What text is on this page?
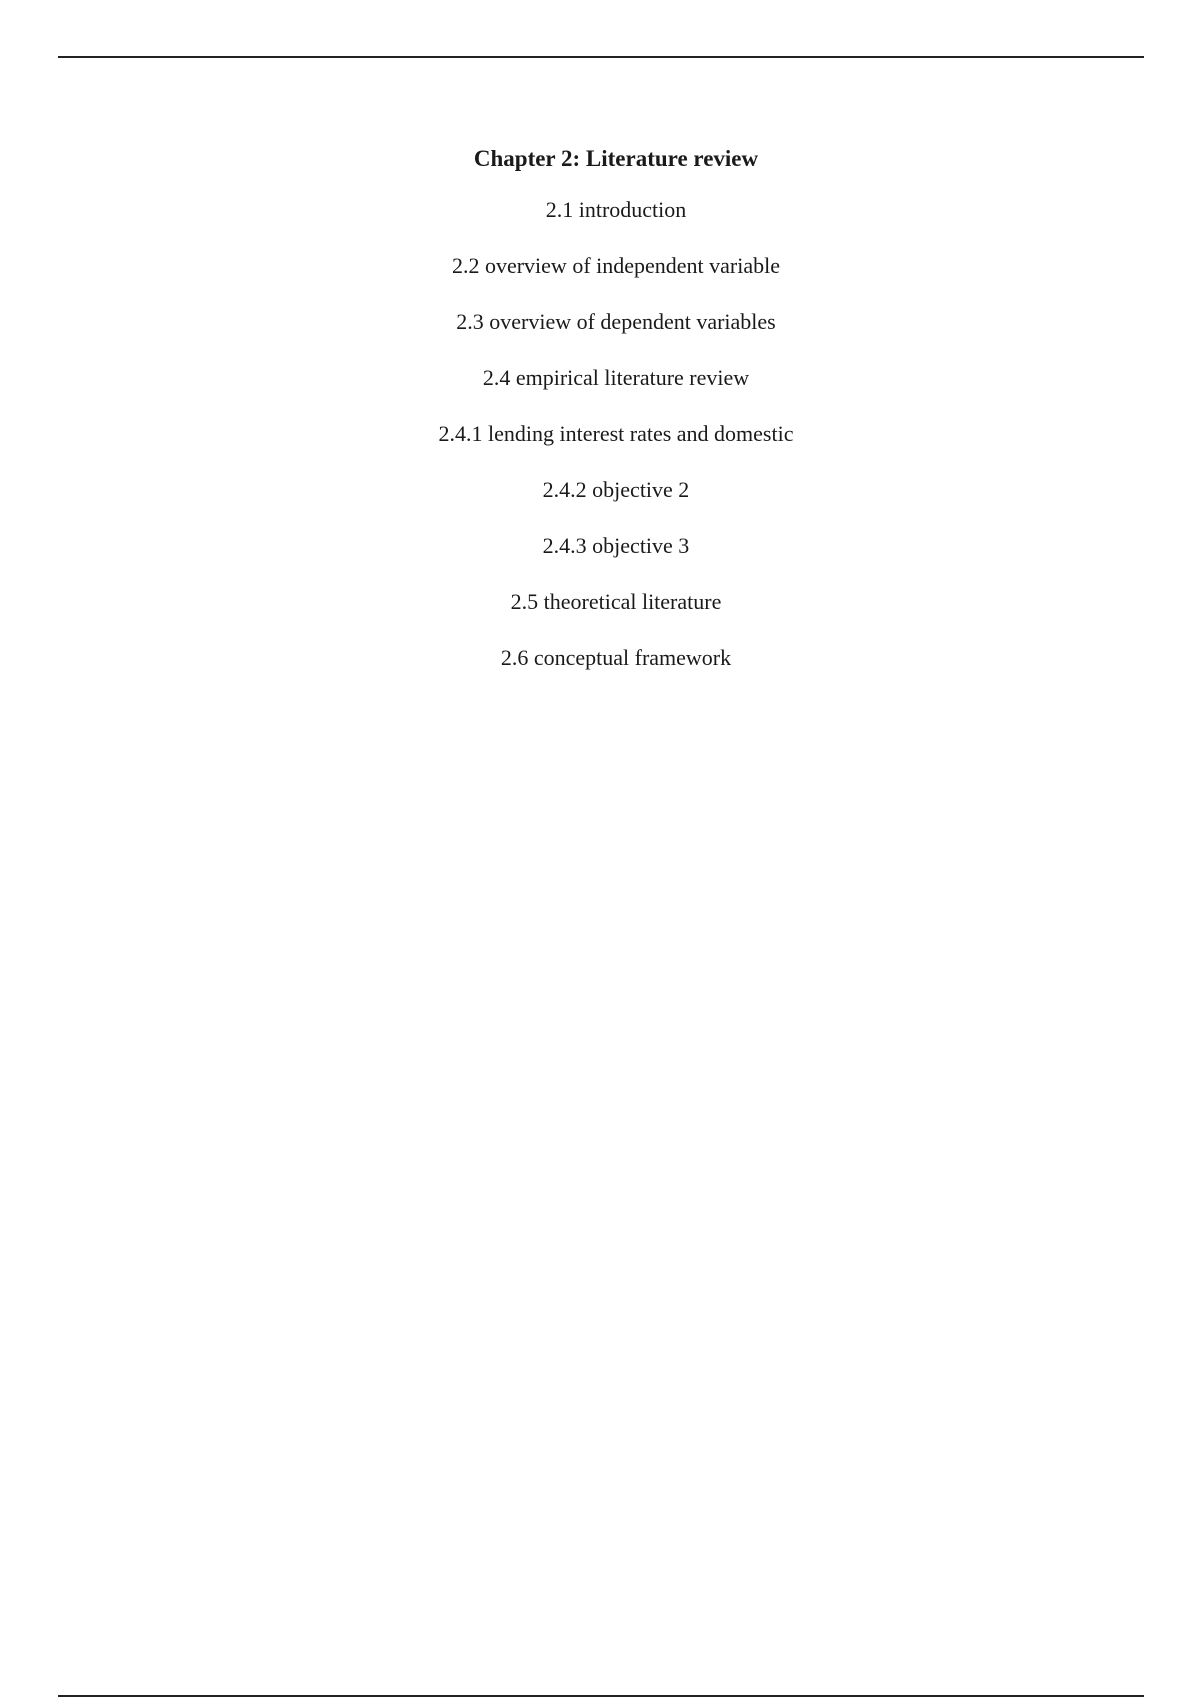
Chapter 2: Literature review
2.1 introduction
2.2 overview of independent variable
2.3 overview of dependent variables
2.4 empirical literature review
2.4.1 lending interest rates and domestic
2.4.2 objective 2
2.4.3 objective 3
2.5 theoretical literature
2.6 conceptual framework
